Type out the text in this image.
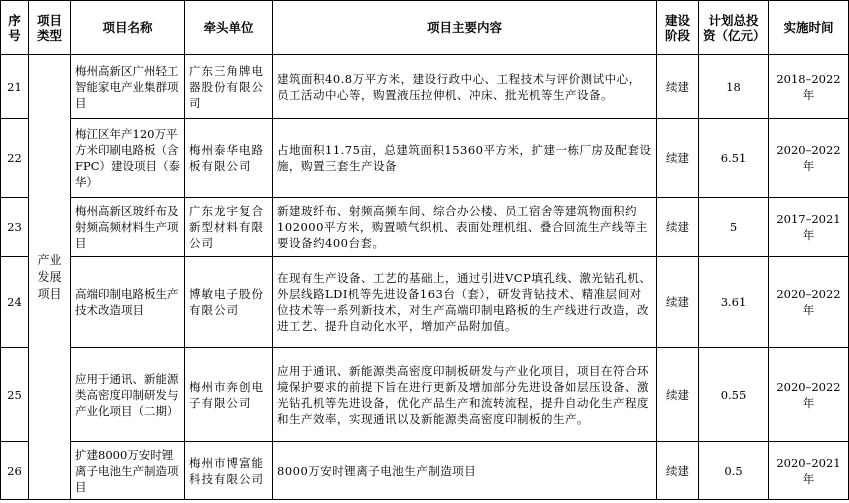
序号	项目类型	项目名称	牵头单位	项目主要内容	建设阶段	计划总投资（亿元）	实施时间
21	产业发展项目	梅州高新区广州轻工智能家电产业集群项目	广东三角牌电器股份有限公司	建筑面积40.8万平方米，建设行政中心、工程技术与评价测试中心，员工活动中心等，购置液压拉伸机、冲床、批光机等生产设备。	续建	18	2018–2022年
22		梅江区年产120万平方米印刷电路板（含FPC）建设项目（泰华）	梅州泰华电路板有限公司	占地面积11.75亩，总建筑面积15360平方米，扩建一栋厂房及配套设施，购置三套生产设备	续建	6.51	2020–2022年
23		梅州高新区玻纤布及射频高频材料生产项目	广东龙宇复合新型材料有限公司	新建玻纤布、射频高频车间、综合办公楼、员工宿舍等建筑物面积约102000平方米，购置喷气织机、表面处理机组、叠合回流生产线等主要设备约400台套。	续建	5	2017–2021年
24		高端印制电路板生产技术改造项目	博敏电子股份有限公司	在现有生产设备、工艺的基础上，通过引进VCP填孔线、激光钻孔机、外层线路LDI机等先进设备163台（套），研发背钻技术、精准层间对位技术等一系列新技术，对生产高端印制电路板的生产线进行改造，改进工艺、提升自动化水平，增加产品附加值。	续建	3.61	2020–2022年
25		应用于通讯、新能源类高密度印制研发与产业化项目（二期）	梅州市奔创电子有限公司	应用于通讯、新能源类高密度印制板研发与产业化项目，项目在符合环境保护要求的前提下旨在进行更新及增加部分先进设备如层压设备、激光钻孔机等先进设备，优化产品生产和流转流程，提升自动化生产程度和生产效率，实现通讯以及新能源类高密度印制板的生产。	续建	0.55	2020–2022年
26		扩建8000万安时锂离子电池生产制造项目	梅州市博富能科技有限公司	8000万安时锂离子电池生产制造项目	续建	0.5	2020–2021年
